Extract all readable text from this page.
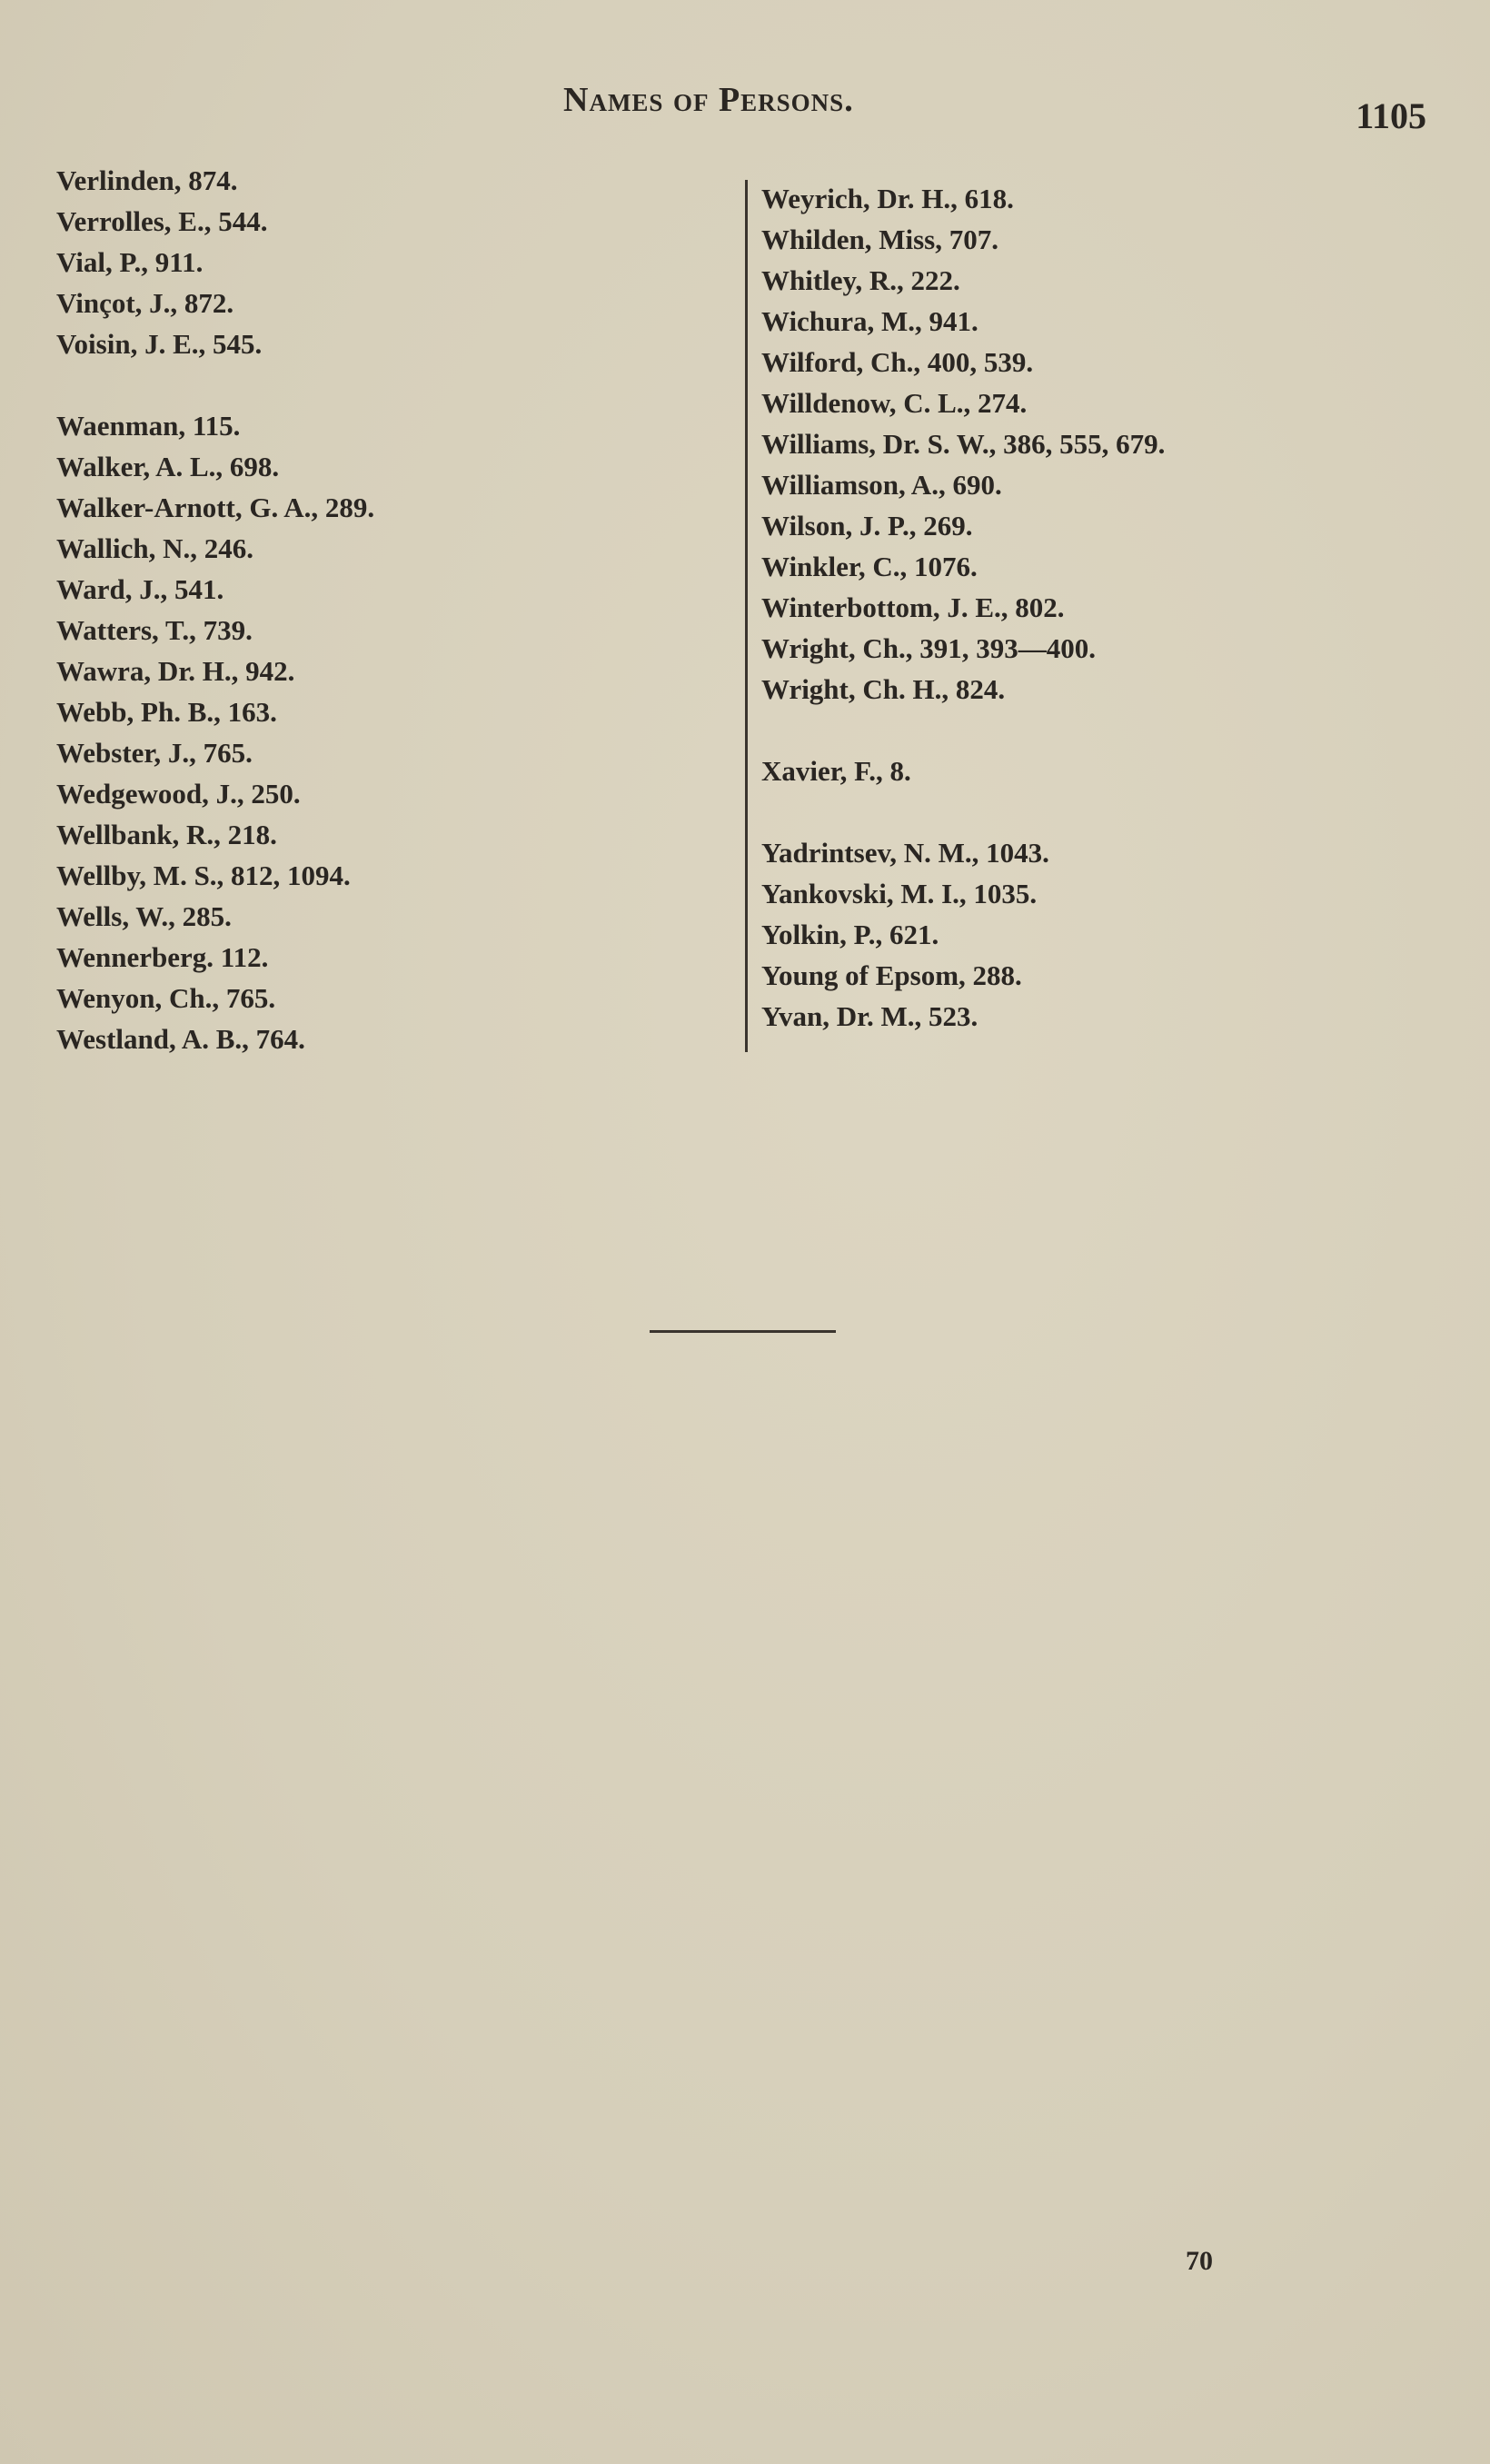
Names of Persons.	1105
Verlinden, 874.
Verrolles, E., 544.
Vial, P., 911.
Vinçot, J., 872.
Voisin, J. E., 545.
Waenman, 115.
Walker, A. L., 698.
Walker-Arnott, G. A., 289.
Wallich, N., 246.
Ward, J., 541.
Watters, T., 739.
Wawra, Dr. H., 942.
Webb, Ph. B., 163.
Webster, J., 765.
Wedgewood, J., 250.
Wellbank, R., 218.
Wellby, M. S., 812, 1094.
Wells, W., 285.
Wennerberg. 112.
Wenyon, Ch., 765.
Westland, A. B., 764.
Weyrich, Dr. H., 618.
Whilden, Miss, 707.
Whitley, R., 222.
Wichura, M., 941.
Wilford, Ch., 400, 539.
Willdenow, C. L., 274.
Williams, Dr. S. W., 386, 555, 679.
Williamson, A., 690.
Wilson, J. P., 269.
Winkler, C., 1076.
Winterbottom, J. E., 802.
Wright, Ch., 391, 393—400.
Wright, Ch. H., 824.
Xavier, F., 8.
Yadrintsev, N. M., 1043.
Yankovski, M. I., 1035.
Yolkin, P., 621.
Young of Epsom, 288.
Yvan, Dr. M., 523.
70
